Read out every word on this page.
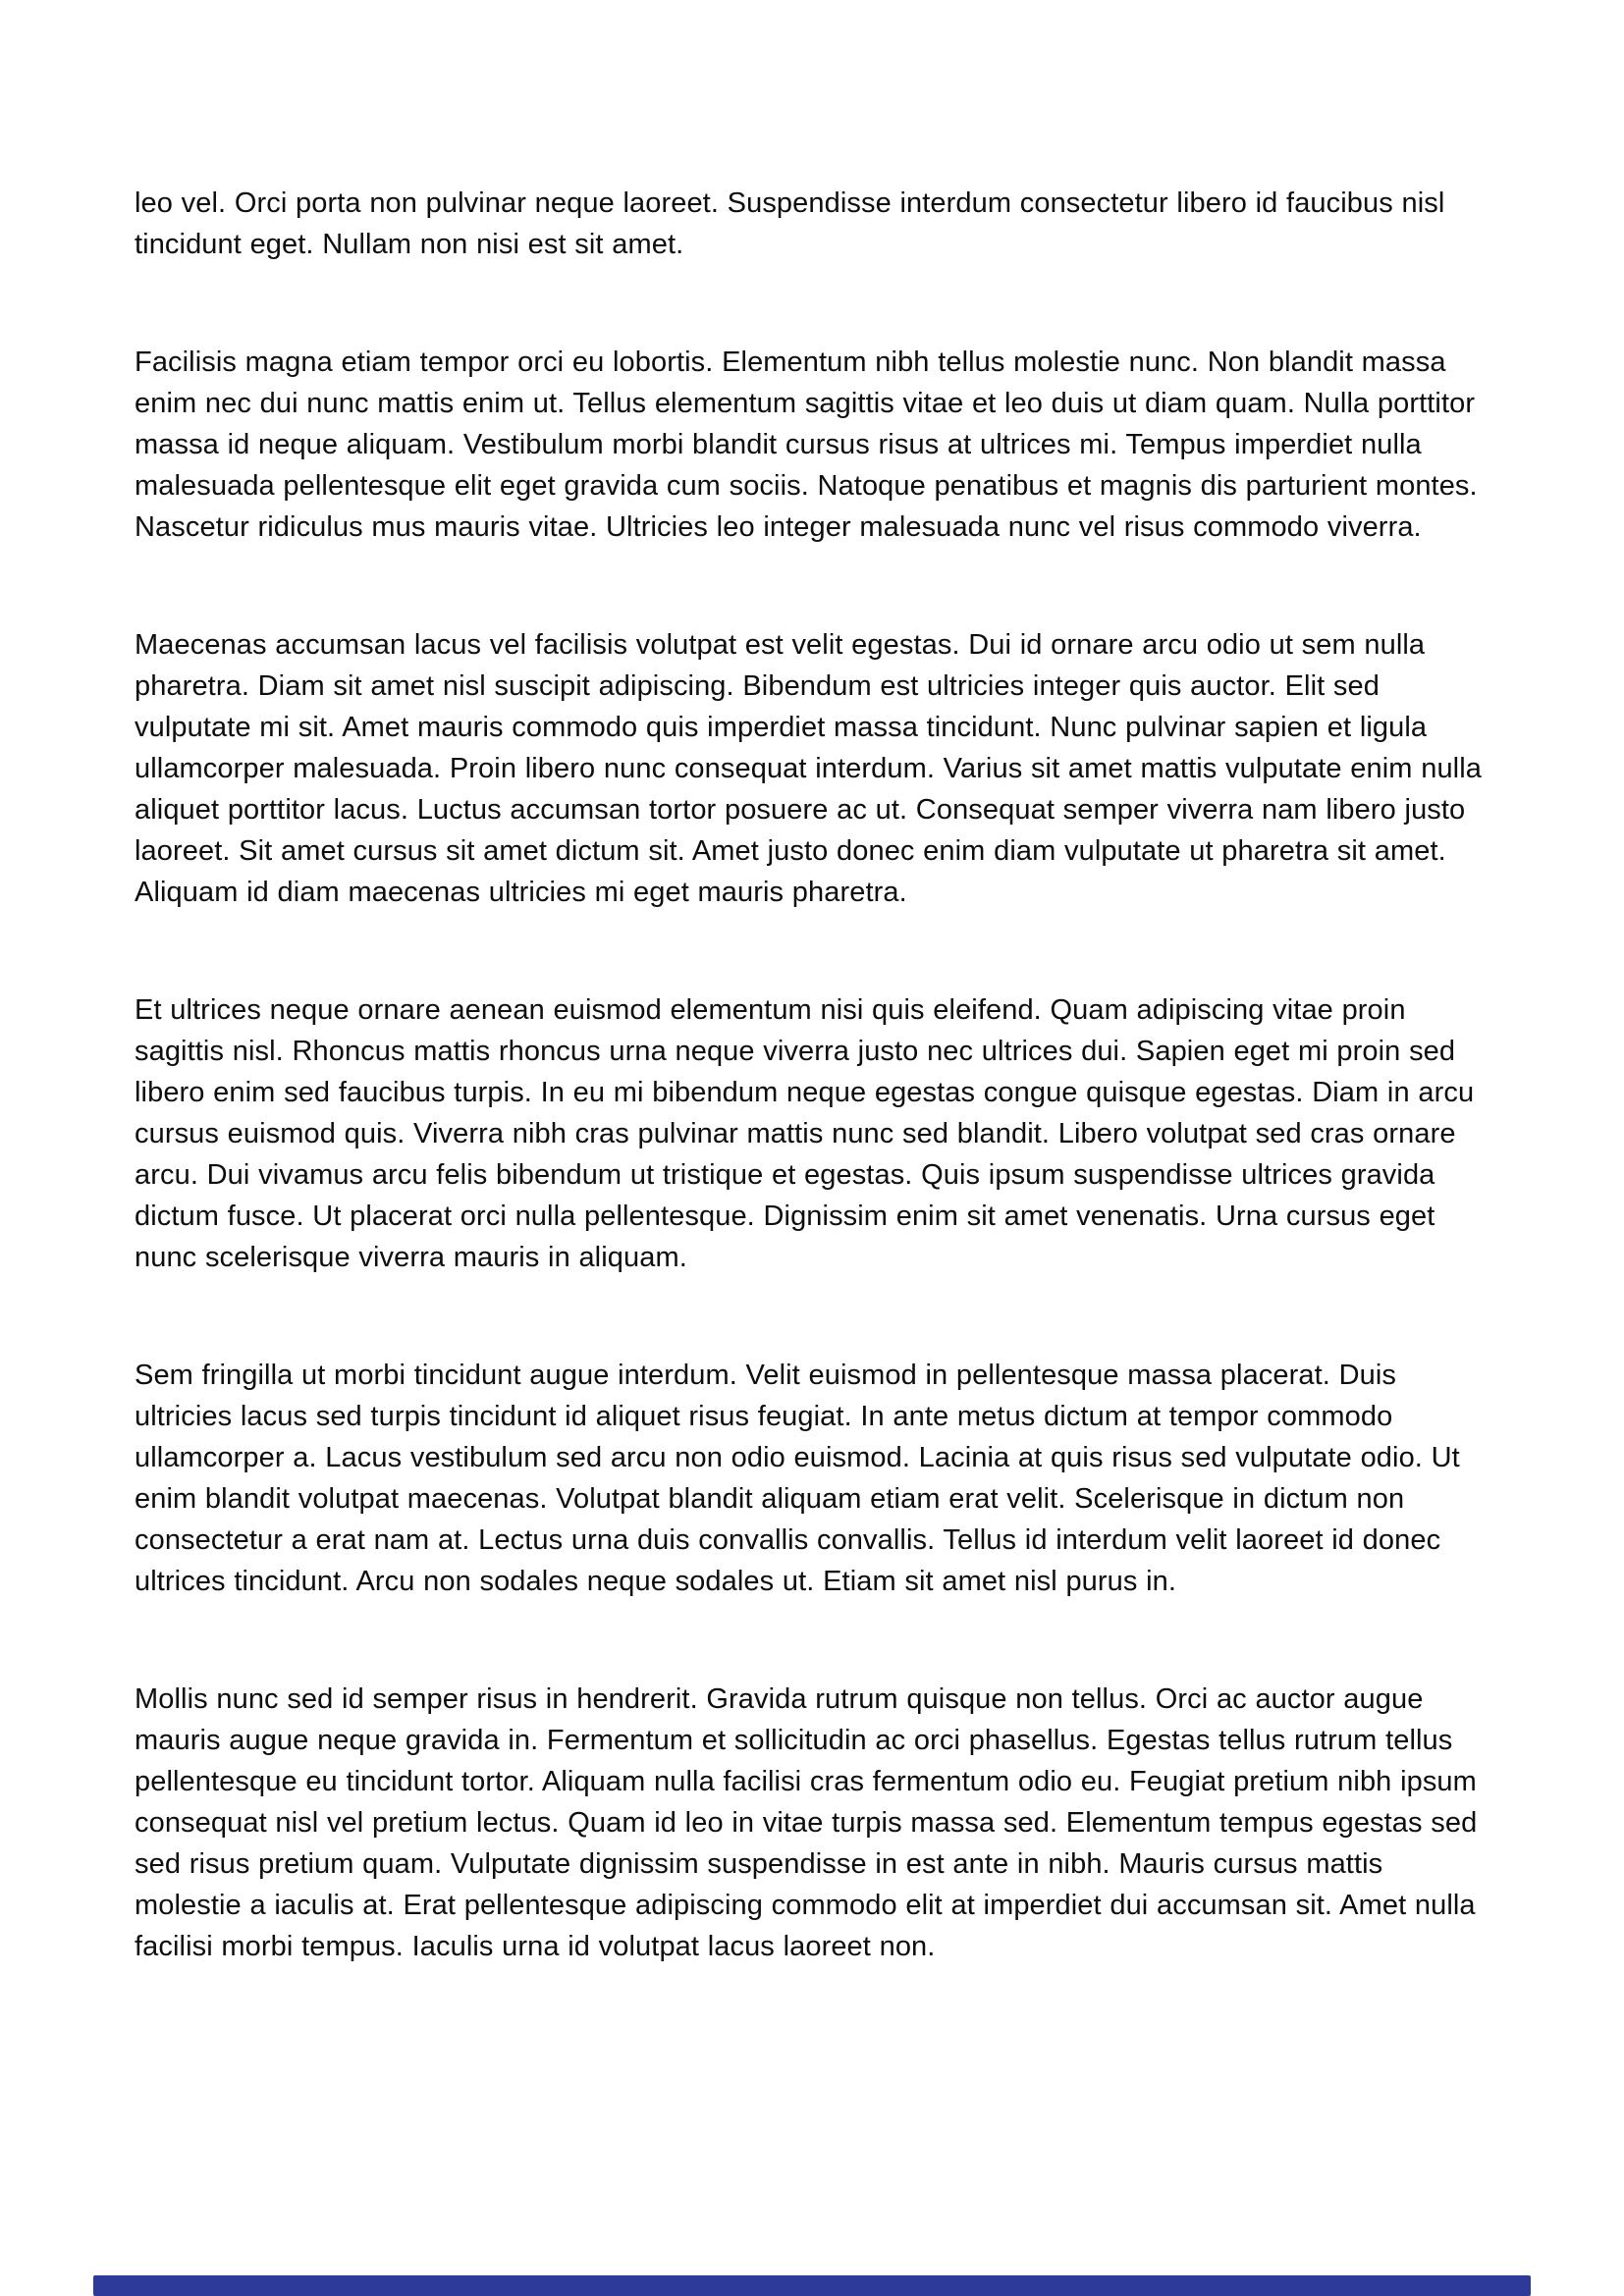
leo vel. Orci porta non pulvinar neque laoreet. Suspendisse interdum consectetur libero id faucibus nisl tincidunt eget. Nullam non nisi est sit amet.

Facilisis magna etiam tempor orci eu lobortis. Elementum nibh tellus molestie nunc. Non blandit massa enim nec dui nunc mattis enim ut. Tellus elementum sagittis vitae et leo duis ut diam quam. Nulla porttitor massa id neque aliquam. Vestibulum morbi blandit cursus risus at ultrices mi. Tempus imperdiet nulla malesuada pellentesque elit eget gravida cum sociis. Natoque penatibus et magnis dis parturient montes. Nascetur ridiculus mus mauris vitae. Ultricies leo integer malesuada nunc vel risus commodo viverra.

Maecenas accumsan lacus vel facilisis volutpat est velit egestas. Dui id ornare arcu odio ut sem nulla pharetra. Diam sit amet nisl suscipit adipiscing. Bibendum est ultricies integer quis auctor. Elit sed vulputate mi sit. Amet mauris commodo quis imperdiet massa tincidunt. Nunc pulvinar sapien et ligula ullamcorper malesuada. Proin libero nunc consequat interdum. Varius sit amet mattis vulputate enim nulla aliquet porttitor lacus. Luctus accumsan tortor posuere ac ut. Consequat semper viverra nam libero justo laoreet. Sit amet cursus sit amet dictum sit. Amet justo donec enim diam vulputate ut pharetra sit amet. Aliquam id diam maecenas ultricies mi eget mauris pharetra.

Et ultrices neque ornare aenean euismod elementum nisi quis eleifend. Quam adipiscing vitae proin sagittis nisl. Rhoncus mattis rhoncus urna neque viverra justo nec ultrices dui. Sapien eget mi proin sed libero enim sed faucibus turpis. In eu mi bibendum neque egestas congue quisque egestas. Diam in arcu cursus euismod quis. Viverra nibh cras pulvinar mattis nunc sed blandit. Libero volutpat sed cras ornare arcu. Dui vivamus arcu felis bibendum ut tristique et egestas. Quis ipsum suspendisse ultrices gravida dictum fusce. Ut placerat orci nulla pellentesque. Dignissim enim sit amet venenatis. Urna cursus eget nunc scelerisque viverra mauris in aliquam.

Sem fringilla ut morbi tincidunt augue interdum. Velit euismod in pellentesque massa placerat. Duis ultricies lacus sed turpis tincidunt id aliquet risus feugiat. In ante metus dictum at tempor commodo ullamcorper a. Lacus vestibulum sed arcu non odio euismod. Lacinia at quis risus sed vulputate odio. Ut enim blandit volutpat maecenas. Volutpat blandit aliquam etiam erat velit. Scelerisque in dictum non consectetur a erat nam at. Lectus urna duis convallis convallis. Tellus id interdum velit laoreet id donec ultrices tincidunt. Arcu non sodales neque sodales ut. Etiam sit amet nisl purus in.

Mollis nunc sed id semper risus in hendrerit. Gravida rutrum quisque non tellus. Orci ac auctor augue mauris augue neque gravida in. Fermentum et sollicitudin ac orci phasellus. Egestas tellus rutrum tellus pellentesque eu tincidunt tortor. Aliquam nulla facilisi cras fermentum odio eu. Feugiat pretium nibh ipsum consequat nisl vel pretium lectus. Quam id leo in vitae turpis massa sed. Elementum tempus egestas sed sed risus pretium quam. Vulputate dignissim suspendisse in est ante in nibh. Mauris cursus mattis molestie a iaculis at. Erat pellentesque adipiscing commodo elit at imperdiet dui accumsan sit. Amet nulla facilisi morbi tempus. Iaculis urna id volutpat lacus laoreet non.
